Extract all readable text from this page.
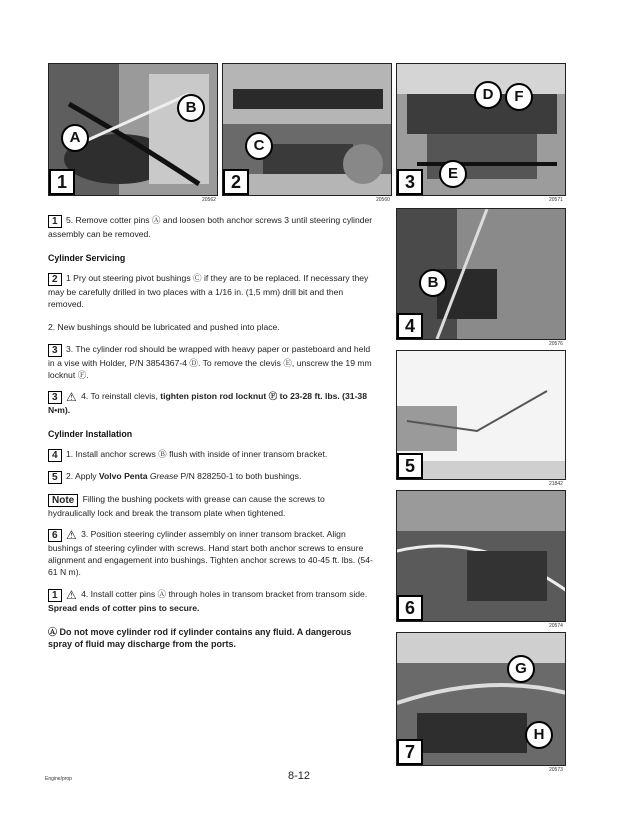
A
B
1
20562
C
2
20560
D	F
E
3
20571
B
4
20576
5
21842
6
20574
G
H
7
20573
1 5. Remove cotter pins Ⓐ and loosen both anchor screws 3 until steering cylinder assembly can be removed.
Cylinder Servicing
2 1 Pry out steering pivot bushings Ⓒ if they are to be replaced. If necessary they may be carefully drilled in two places with a 1/16 in. (1,5 mm) drill bit and then removed.
2. New bushings should be lubricated and pushed into place.
3 3. The cylinder rod should be wrapped with heavy paper or pasteboard and held in a vise with Holder, P/N 3854367-4 Ⓓ. To remove the clevis Ⓔ, unscrew the 19 mm locknut Ⓕ.
3 ⚠ 4. To reinstall clevis, tighten piston rod locknut Ⓕ to 23-28 ft. lbs. (31-38 N•m).
Cylinder Installation
4 1. Install anchor screws Ⓑ flush with inside of inner transom bracket.
5 2. Apply Volvo Penta Grease P/N 828250-1 to both bushings.
Note Filling the bushing pockets with grease can cause the screws to hydraulically lock and break the transom plate when tightened.
6 ⚠ 3. Position steering cylinder assembly on inner transom bracket. Align bushings of steering cylinder with screws. Hand start both anchor screws to ensure alignment and engagement into bushings. Tighten anchor screws to 40-45 ft. lbs. (54-61 N m).
1 ⚠ 4. Install cotter pins Ⓐ through holes in transom bracket from transom side. Spread ends of cotter pins to secure.
Ⓐ Do not move cylinder rod if cylinder contains any fluid. A dangerous spray of fluid may discharge from the ports.
Engine/prop	8-12
